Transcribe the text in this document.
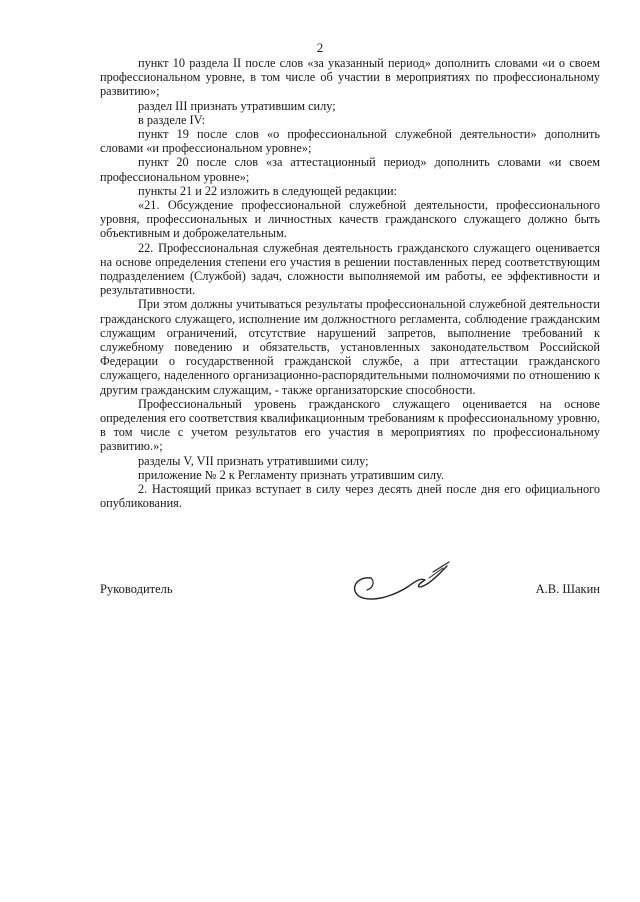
2

пункт 10 раздела II после слов «за указанный период» дополнить словами «и о своем профессиональном уровне, в том числе об участии в мероприятиях по профессиональному развитию»;

раздел III признать утратившим силу;

в разделе IV:

пункт 19 после слов «о профессиональной служебной деятельности» дополнить словами «и профессиональном уровне»;

пункт 20 после слов «за аттестационный период» дополнить словами «и своем профессиональном уровне»;

пункты 21 и 22 изложить в следующей редакции:

«21. Обсуждение профессиональной служебной деятельности, профессионального уровня, профессиональных и личностных качеств гражданского служащего должно быть объективным и доброжелательным.

22. Профессиональная служебная деятельность гражданского служащего оценивается на основе определения степени его участия в решении поставленных перед соответствующим подразделением (Службой) задач, сложности выполняемой им работы, ее эффективности и результативности.

При этом должны учитываться результаты профессиональной служебной деятельности гражданского служащего, исполнение им должностного регламента, соблюдение гражданским служащим ограничений, отсутствие нарушений запретов, выполнение требований к служебному поведению и обязательств, установленных законодательством Российской Федерации о государственной гражданской службе, а при аттестации гражданского служащего, наделенного организационно-распорядительными полномочиями по отношению к другим гражданским служащим, - также организаторские способности.

Профессиональный уровень гражданского служащего оценивается на основе определения его соответствия квалификационным требованиям к профессиональному уровню, в том числе с учетом результатов его участия в мероприятиях по профессиональному развитию.»;

разделы V, VII признать утратившими силу;

приложение № 2 к Регламенту признать утратившим силу.

2. Настоящий приказ вступает в силу через десять дней после дня его официального опубликования.

Руководитель	А.В. Шакин
